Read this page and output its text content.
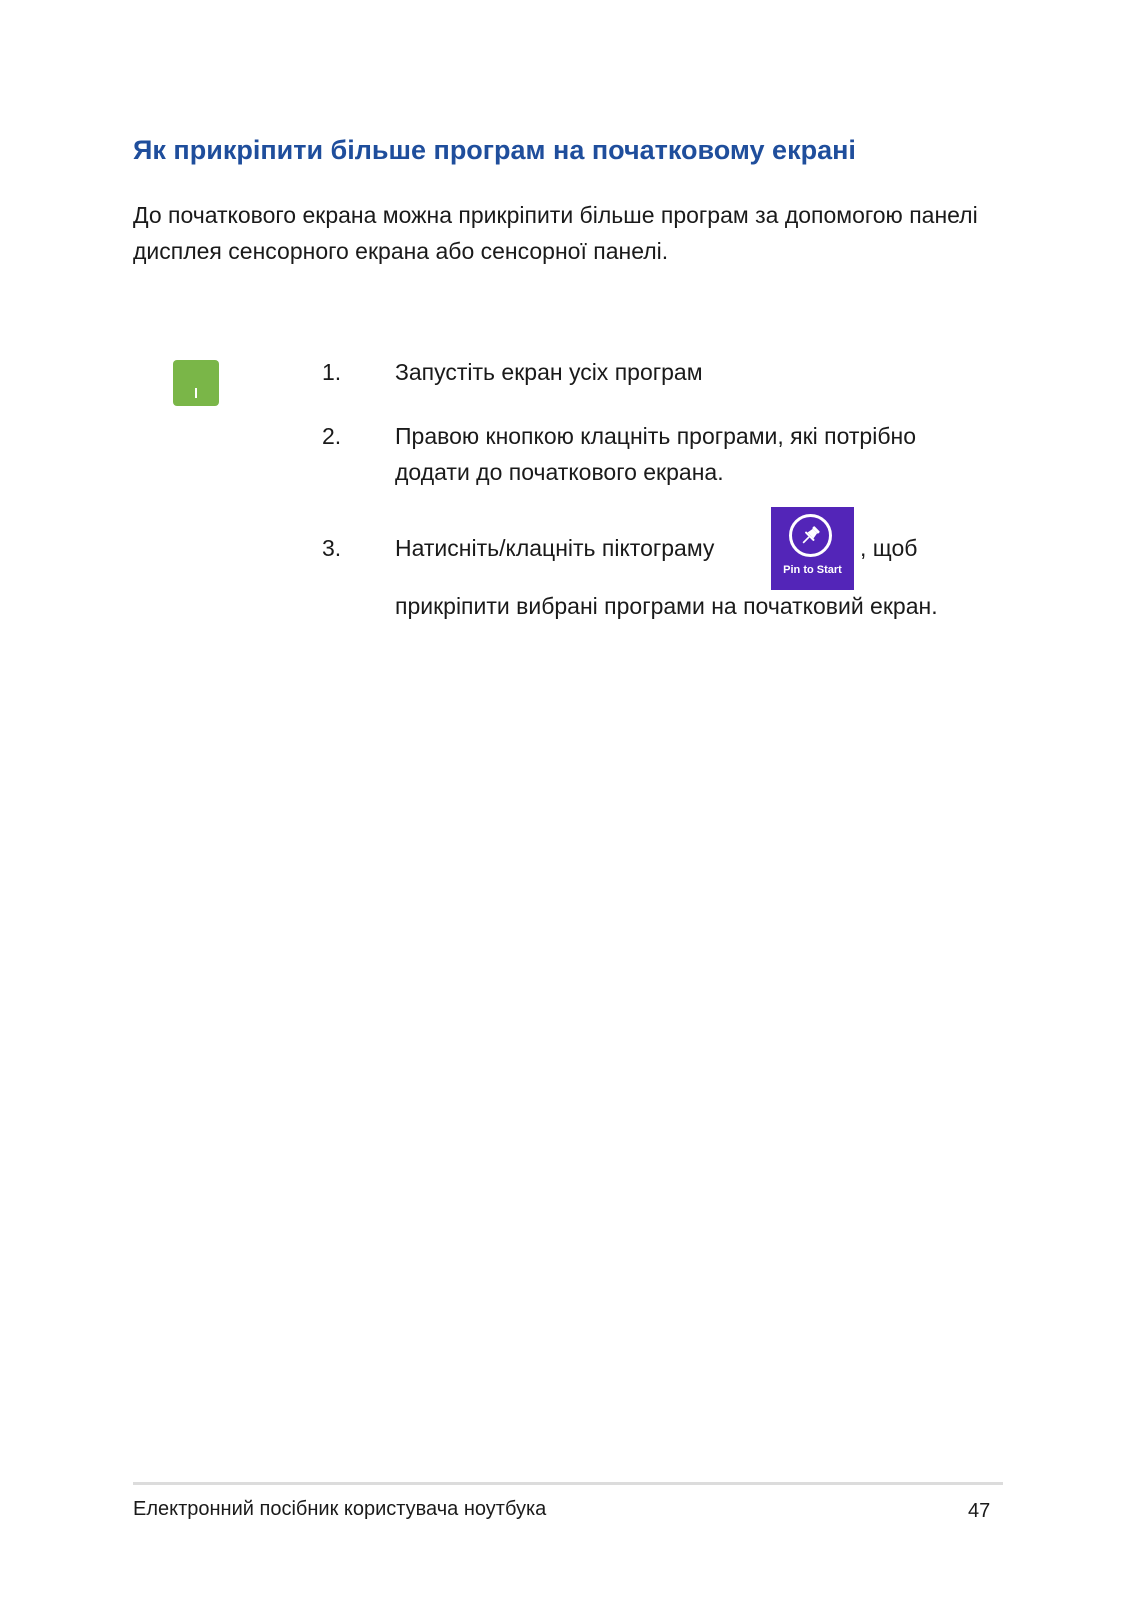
Як прикріпити більше програм на початковому екрані

До початкового екрана можна прикріпити більше програм за допомогою панелі дисплея сенсорного екрана або сенсорної панелі.

1. Запустіть екран усіх програм
2. Правою кнопкою клацніть програми, які потрібно додати до початкового екрана.
3. Натисніть/клацніть піктограму
Pin to Start
, щоб
прикріпити вибрані програми на початковий екран.
Електронний посібник користувача ноутбука	47
